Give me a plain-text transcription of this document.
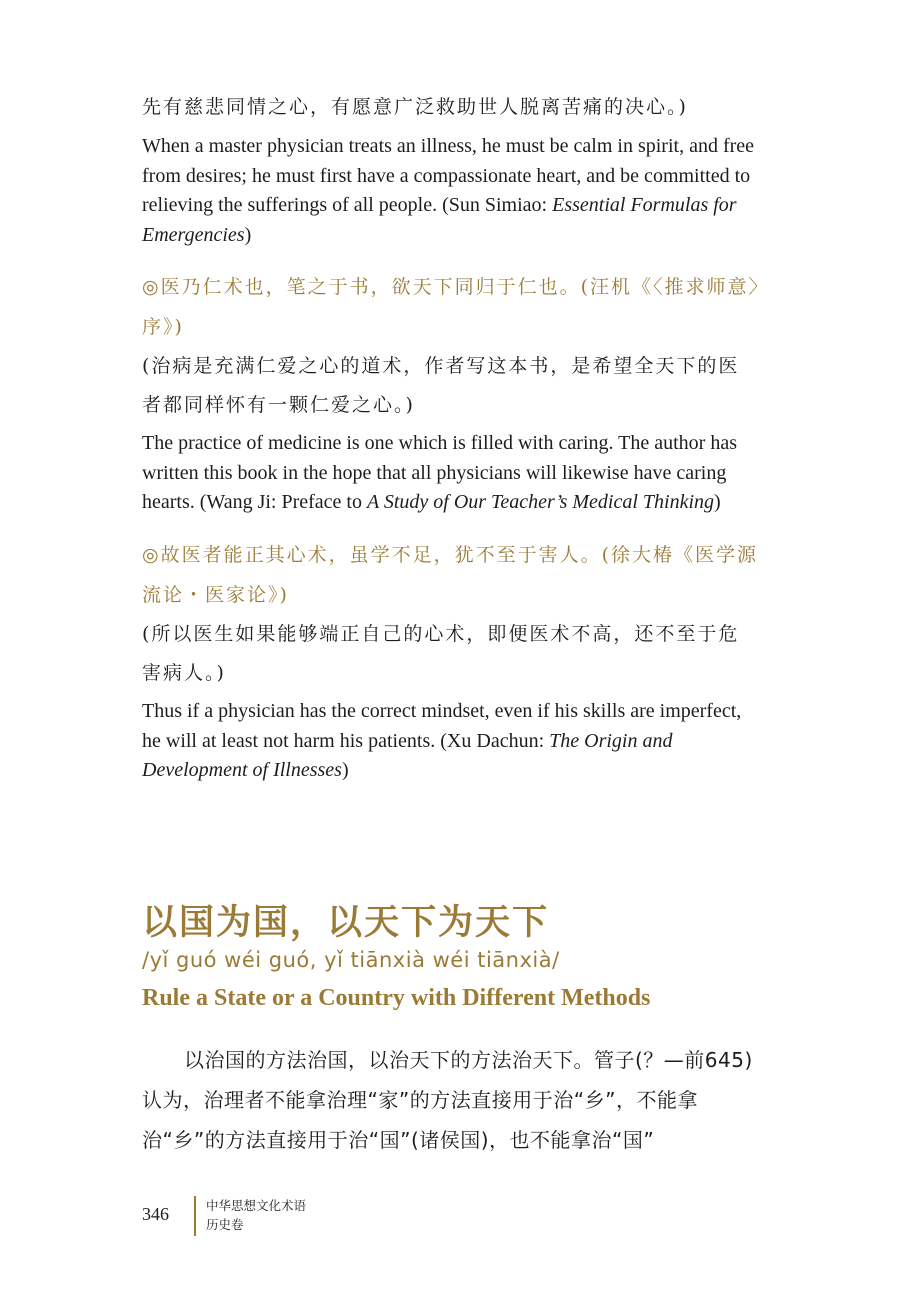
先有慈悲同情之心，有愿意广泛救助世人脱离苦痛的决心。)

When a master physician treats an illness, he must be calm in spirit, and free from desires; he must first have a compassionate heart, and be committed to relieving the sufferings of all people. (Sun Simiao: Essential Formulas for Emergencies)

◎医乃仁术也，笔之于书，欲天下同归于仁也。(汪机《〈推求师意〉

序》)

(治病是充满仁爱之心的道术，作者写这本书，是希望全天下的医

者都同样怀有一颗仁爱之心。)

The practice of medicine is one which is filled with caring. The author has written this book in the hope that all physicians will likewise have caring hearts. (Wang Ji: Preface to A Study of Our Teacher’s Medical Thinking)

◎故医者能正其心术，虽学不足，犹不至于害人。(徐大椿《医学源

流论・医家论》)

(所以医生如果能够端正自己的心术，即便医术不高，还不至于危

害病人。)

Thus if a physician has the correct mindset, even if his skills are imperfect, he will at least not harm his patients. (Xu Dachun: The Origin and Development of Illnesses)

以国为国，以天下为天下

/yǐ guó wéi guó, yǐ tiānxià wéi tiānxià/

Rule a State or a Country with Different Methods

以治国的方法治国，以治天下的方法治天下。管子(？—前645)认为，治理者不能拿治理“家”的方法直接用于治“乡”，不能拿治“乡”的方法直接用于治“国”(诸侯国)，也不能拿治“国”

346	中华思想文化术语
历史卷
